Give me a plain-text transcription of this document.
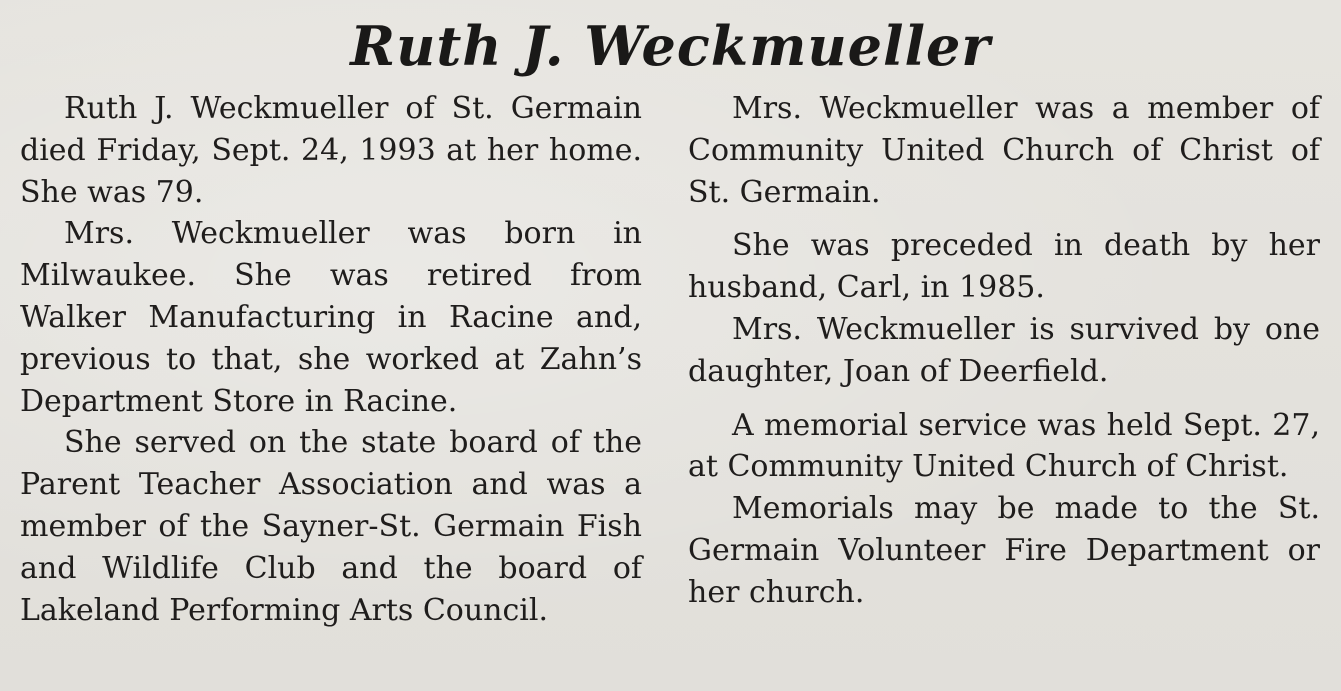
Ruth J. Weckmueller

Ruth J. Weckmueller of St. Germain died Friday, Sept. 24, 1993 at her home. She was 79.

Mrs. Weckmueller was born in Milwaukee. She was retired from Walker Manufacturing in Racine and, previous to that, she worked at Zahn’s Department Store in Racine.

She served on the state board of the Parent Teacher Association and was a member of the Sayner-St. Germain Fish and Wildlife Club and the board of Lakeland Performing Arts Council.

Mrs. Weckmueller was a member of Community United Church of Christ of St. Germain.

She was preceded in death by her husband, Carl, in 1985.

Mrs. Weckmueller is survived by one daughter, Joan of Deerfield.

A memorial service was held Sept. 27, at Community United Church of Christ.

Memorials may be made to the St. Germain Volunteer Fire Department or her church.
